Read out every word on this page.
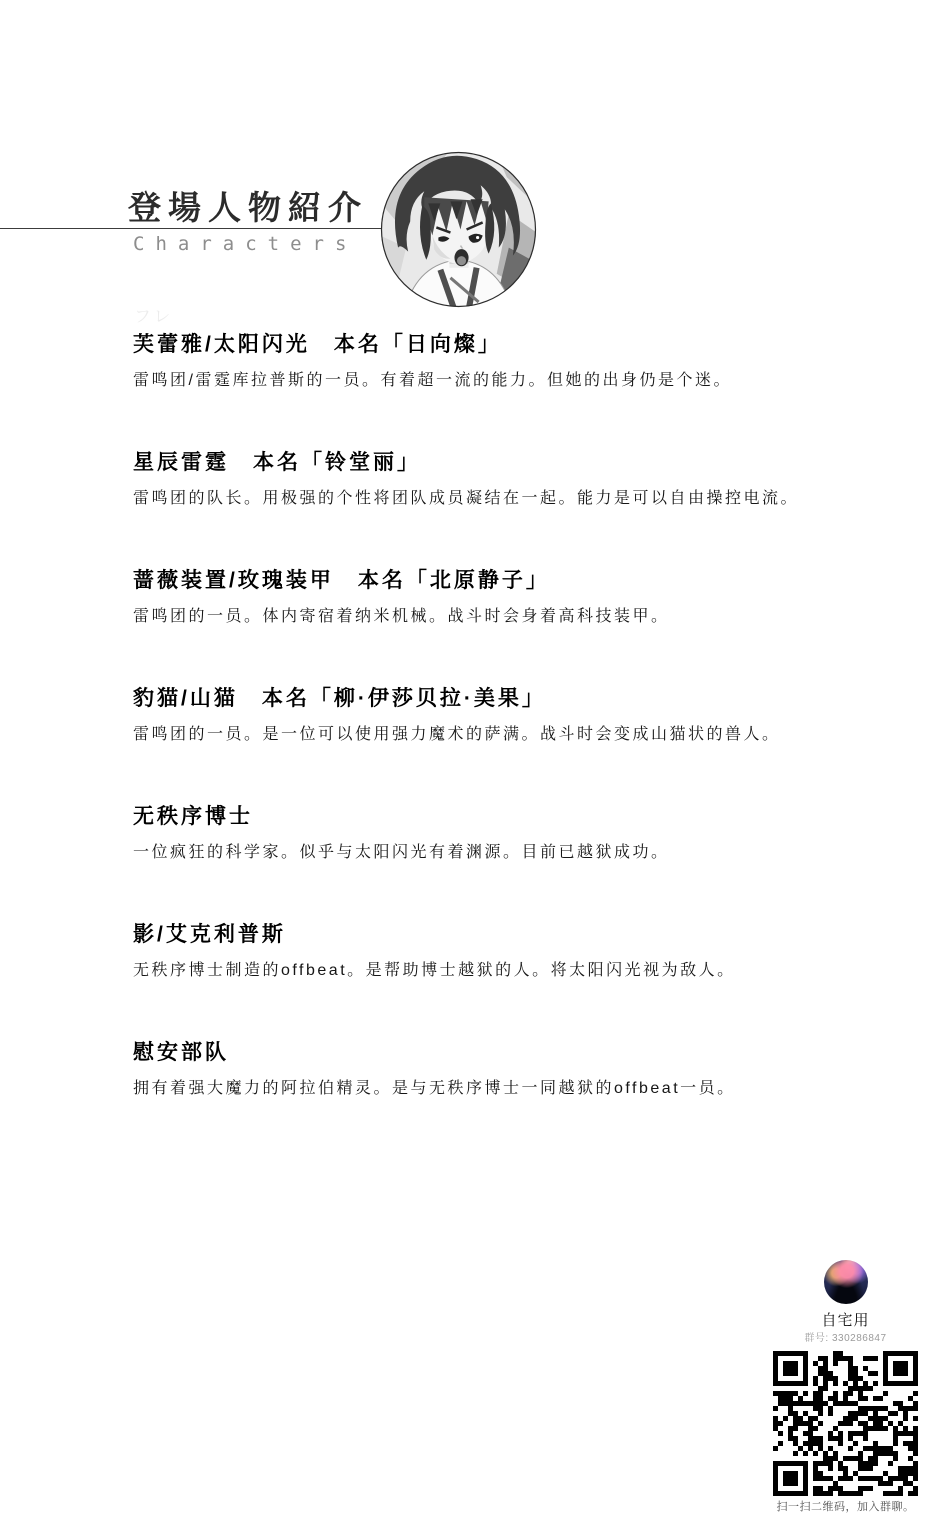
登場人物紹介
Characters
フレ
芙蕾雅/太阳闪光　本名「日向燦」

雷鸣团/雷霆库拉普斯的一员。有着超一流的能力。但她的出身仍是个迷。

星辰雷霆　本名「铃堂丽」

雷鸣团的队长。用极强的个性将团队成员凝结在一起。能力是可以自由操控电流。

蔷薇装置/玫瑰装甲　本名「北原静子」

雷鸣团的一员。体内寄宿着纳米机械。战斗时会身着高科技装甲。

豹猫/山猫　本名「柳·伊莎贝拉·美果」

雷鸣团的一员。是一位可以使用强力魔术的萨满。战斗时会变成山猫状的兽人。

无秩序博士

一位疯狂的科学家。似乎与太阳闪光有着渊源。目前已越狱成功。

影/艾克利普斯

无秩序博士制造的offbeat。是帮助博士越狱的人。将太阳闪光视为敌人。

慰安部队

拥有着强大魔力的阿拉伯精灵。是与无秩序博士一同越狱的offbeat一员。

自宅用
群号: 330286847
扫一扫二维码，加入群聊。
